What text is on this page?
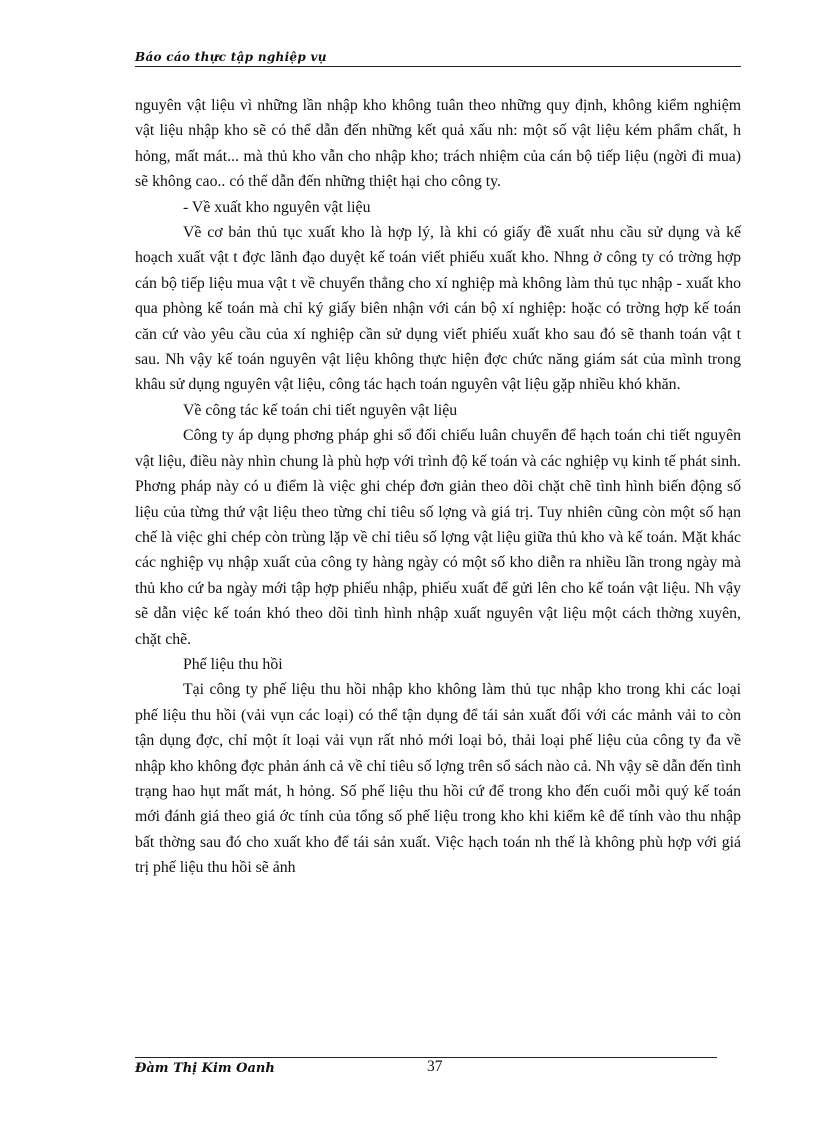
Báo cáo thực tập nghiệp vụ

nguyên vật liệu vì những lần nhập kho không tuân theo những quy định, không kiểm nghiệm vật liệu nhập kho sẽ có thể dẫn đến những kết quả xấu nh: một số vật liệu kém phẩm chất, h hỏng, mất mát... mà thủ kho vẫn cho nhập kho; trách nhiệm của cán bộ tiếp liệu (ngời đi mua) sẽ không cao.. có thể dẫn đến những thiệt hại cho công ty.

- Về xuất kho nguyên vật liệu

Về cơ bản thủ tục xuất kho là hợp lý, là khi có giấy đề xuất nhu cầu sử dụng và kế hoạch xuất vật t đợc lãnh đạo duyệt kế toán viết phiếu xuất kho. Nhng ở công ty có trờng hợp cán bộ tiếp liệu mua vật t về chuyển thẳng cho xí nghiệp mà không làm thủ tục nhập - xuất kho qua phòng kế toán mà chỉ ký giấy biên nhận với cán bộ xí nghiệp: hoặc có trờng hợp kế toán căn cứ vào yêu cầu của xí nghiệp cần sử dụng viết phiếu xuất kho sau đó sẽ thanh toán vật t sau. Nh vậy kế toán nguyên vật liệu không thực hiện đợc chức năng giám sát của mình trong khâu sử dụng nguyên vật liệu, công tác hạch toán nguyên vật liệu gặp nhiều khó khăn.

Về công tác kế toán chi tiết nguyên vật liệu

Công ty áp dụng phơng pháp ghi sổ đối chiếu luân chuyển để hạch toán chi tiết nguyên vật liệu, điều này nhìn chung là phù hợp với trình độ kế toán và các nghiệp vụ kinh tế phát sinh. Phơng pháp này có u điểm là việc ghi chép đơn giản theo dõi chặt chẽ tình hình biến động số liệu của từng thứ vật liệu theo từng chỉ tiêu số lợng và giá trị. Tuy nhiên cũng còn một số hạn chế là việc ghi chép còn trùng lặp về chỉ tiêu số lợng vật liệu giữa thủ kho và kế toán. Mặt khác các nghiệp vụ nhập xuất của công ty hàng ngày có một số kho diễn ra nhiều lần trong ngày mà thủ kho cứ ba ngày mới tập hợp phiếu nhập, phiếu xuất để gửi lên cho kế toán vật liệu. Nh vậy sẽ dẫn việc kế toán khó theo dõi tình hình nhập xuất nguyên vật liệu một cách thờng xuyên, chặt chẽ.

Phế liệu thu hồi

Tại công ty phế liệu thu hồi nhập kho không làm thủ tục nhập kho trong khi các loại phế liệu thu hồi (vải vụn các loại) có thể tận dụng để tái sản xuất đối với các mảnh vải to còn tận dụng đợc, chỉ một ít loại vải vụn rất nhỏ mới loại bỏ, thải loại phế liệu của công ty đa về nhập kho không đợc phản ánh cả về chỉ tiêu số lợng trên sổ sách nào cả. Nh vậy sẽ dẫn đến tình trạng hao hụt mất mát, h hỏng. Số phế liệu thu hồi cứ để trong kho đến cuối mỗi quý kế toán mới đánh giá theo giá ớc tính của tổng số phế liệu trong kho khi kiểm kê để tính vào thu nhập bất thờng sau đó cho xuất kho để tái sản xuất. Việc hạch toán nh thế là không phù hợp với giá trị phế liệu thu hồi sẽ ảnh

Đàm Thị Kim Oanh	37
